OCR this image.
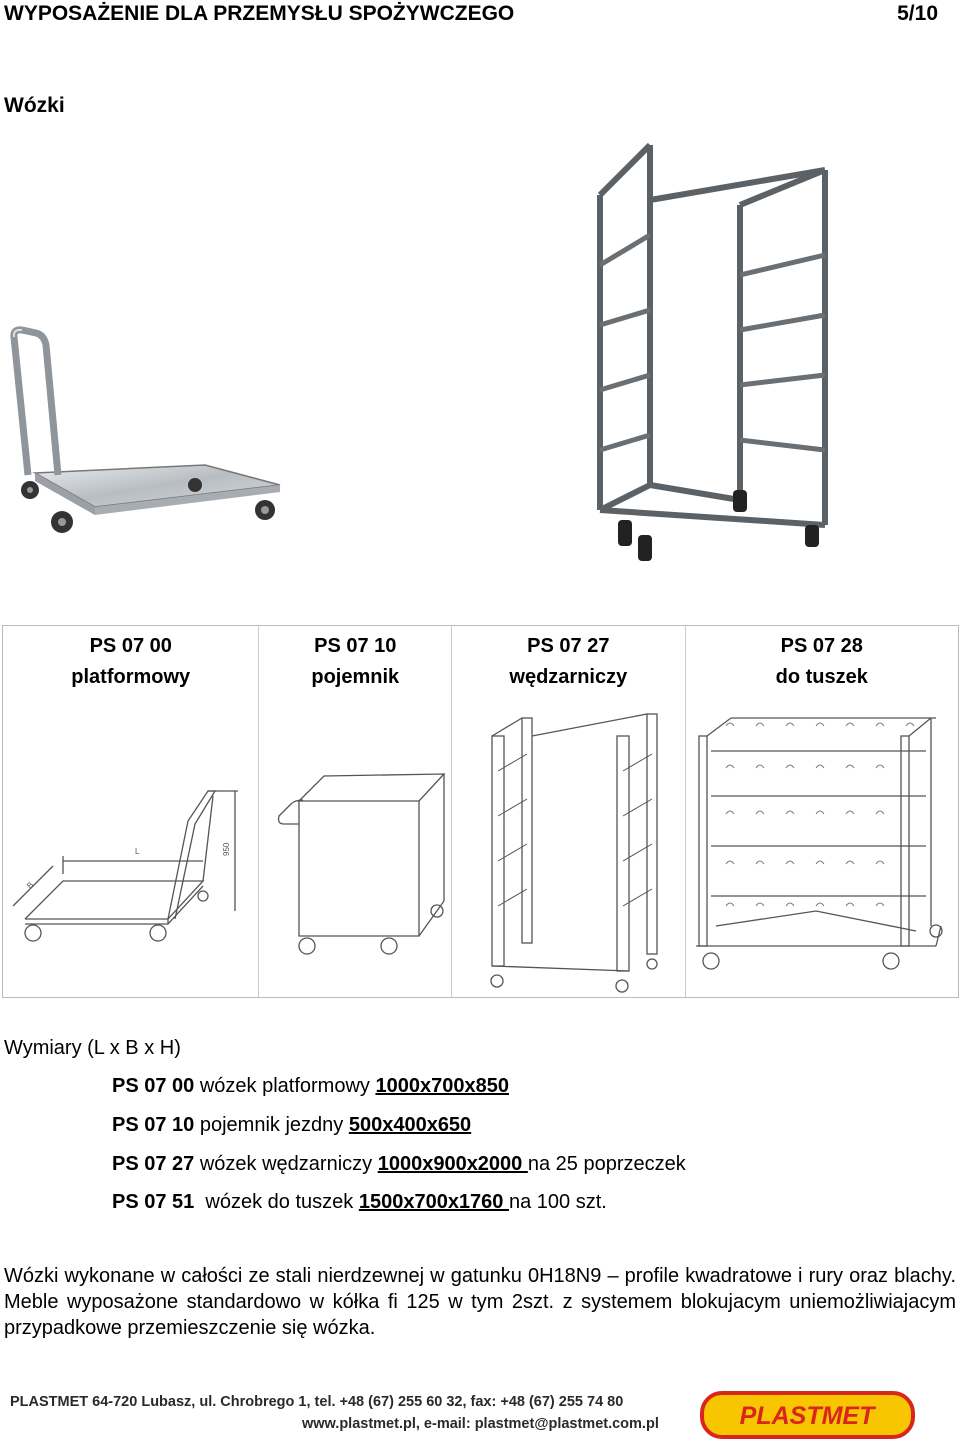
WYPOSAŻENIE DLA PRZEMYSŁU SPOŻYWCZEGO	5/10
Wózki
PS 07 00
platformowy
L
B
950
PS 07 10
pojemnik
PS 07 27
wędzarniczy
PS 07 28
do tuszek
Wymiary (L x B x H)
PS 07 00 wózek platformowy 1000x700x850
PS 07 10 pojemnik jezdny 500x400x650
PS 07 27 wózek wędzarniczy 1000x900x2000 na 25 poprzeczek
PS 07 51  wózek do tuszek 1500x700x1760 na 100 szt.
Wózki wykonane w całości ze stali nierdzewnej w gatunku 0H18N9 – profile kwadratowe i rury oraz blachy. Meble wyposażone standardowo w kółka fi 125 w tym 2szt. z systemem blokujacym uniemożliwiajacym przypadkowe przemieszczenie się wózka.
PLASTMET 64-720 Lubasz, ul. Chrobrego 1, tel. +48 (67) 255 60 32, fax: +48 (67) 255 74 80
www.plastmet.pl, e-mail: plastmet@plastmet.com.pl	PLASTMET
